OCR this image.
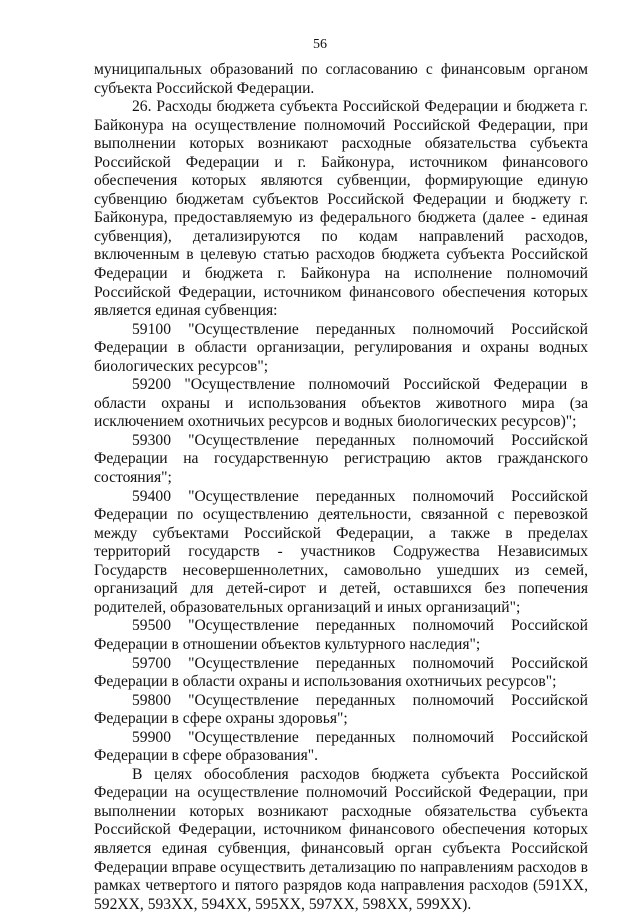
56

муниципальных образований по согласованию с финансовым органом субъекта Российской Федерации.

26. Расходы бюджета субъекта Российской Федерации и бюджета г. Байконура на осуществление полномочий Российской Федерации, при выполнении которых возникают расходные обязательства субъекта Российской Федерации и г. Байконура, источником финансового обеспечения которых являются субвенции, формирующие единую субвенцию бюджетам субъектов Российской Федерации и бюджету г. Байконура, предоставляемую из федерального бюджета (далее - единая субвенция), детализируются по кодам направлений расходов, включенным в целевую статью расходов бюджета субъекта Российской Федерации и бюджета г. Байконура на исполнение полномочий Российской Федерации, источником финансового обеспечения которых является единая субвенция:

59100 "Осуществление переданных полномочий Российской Федерации в области организации, регулирования и охраны водных биологических ресурсов";

59200 "Осуществление полномочий Российской Федерации в области охраны и использования объектов животного мира (за исключением охотничьих ресурсов и водных биологических ресурсов)";

59300 "Осуществление переданных полномочий Российской Федерации на государственную регистрацию актов гражданского состояния";

59400 "Осуществление переданных полномочий Российской Федерации по осуществлению деятельности, связанной с перевозкой между субъектами Российской Федерации, а также в пределах территорий государств - участников Содружества Независимых Государств несовершеннолетних, самовольно ушедших из семей, организаций для детей-сирот и детей, оставшихся без попечения родителей, образовательных организаций и иных организаций";

59500 "Осуществление переданных полномочий Российской Федерации в отношении объектов культурного наследия";

59700 "Осуществление переданных полномочий Российской Федерации в области охраны и использования охотничьих ресурсов";

59800 "Осуществление переданных полномочий Российской Федерации в сфере охраны здоровья";

59900 "Осуществление переданных полномочий Российской Федерации в сфере образования".

В целях обособления расходов бюджета субъекта Российской Федерации на осуществление полномочий Российской Федерации, при выполнении которых возникают расходные обязательства субъекта Российской Федерации, источником финансового обеспечения которых является единая субвенция, финансовый орган субъекта Российской Федерации вправе осуществить детализацию по направлениям расходов в рамках четвертого и пятого разрядов кода направления расходов (591XX, 592XX, 593XX, 594XX, 595XX, 597XX, 598XX, 599XX).
